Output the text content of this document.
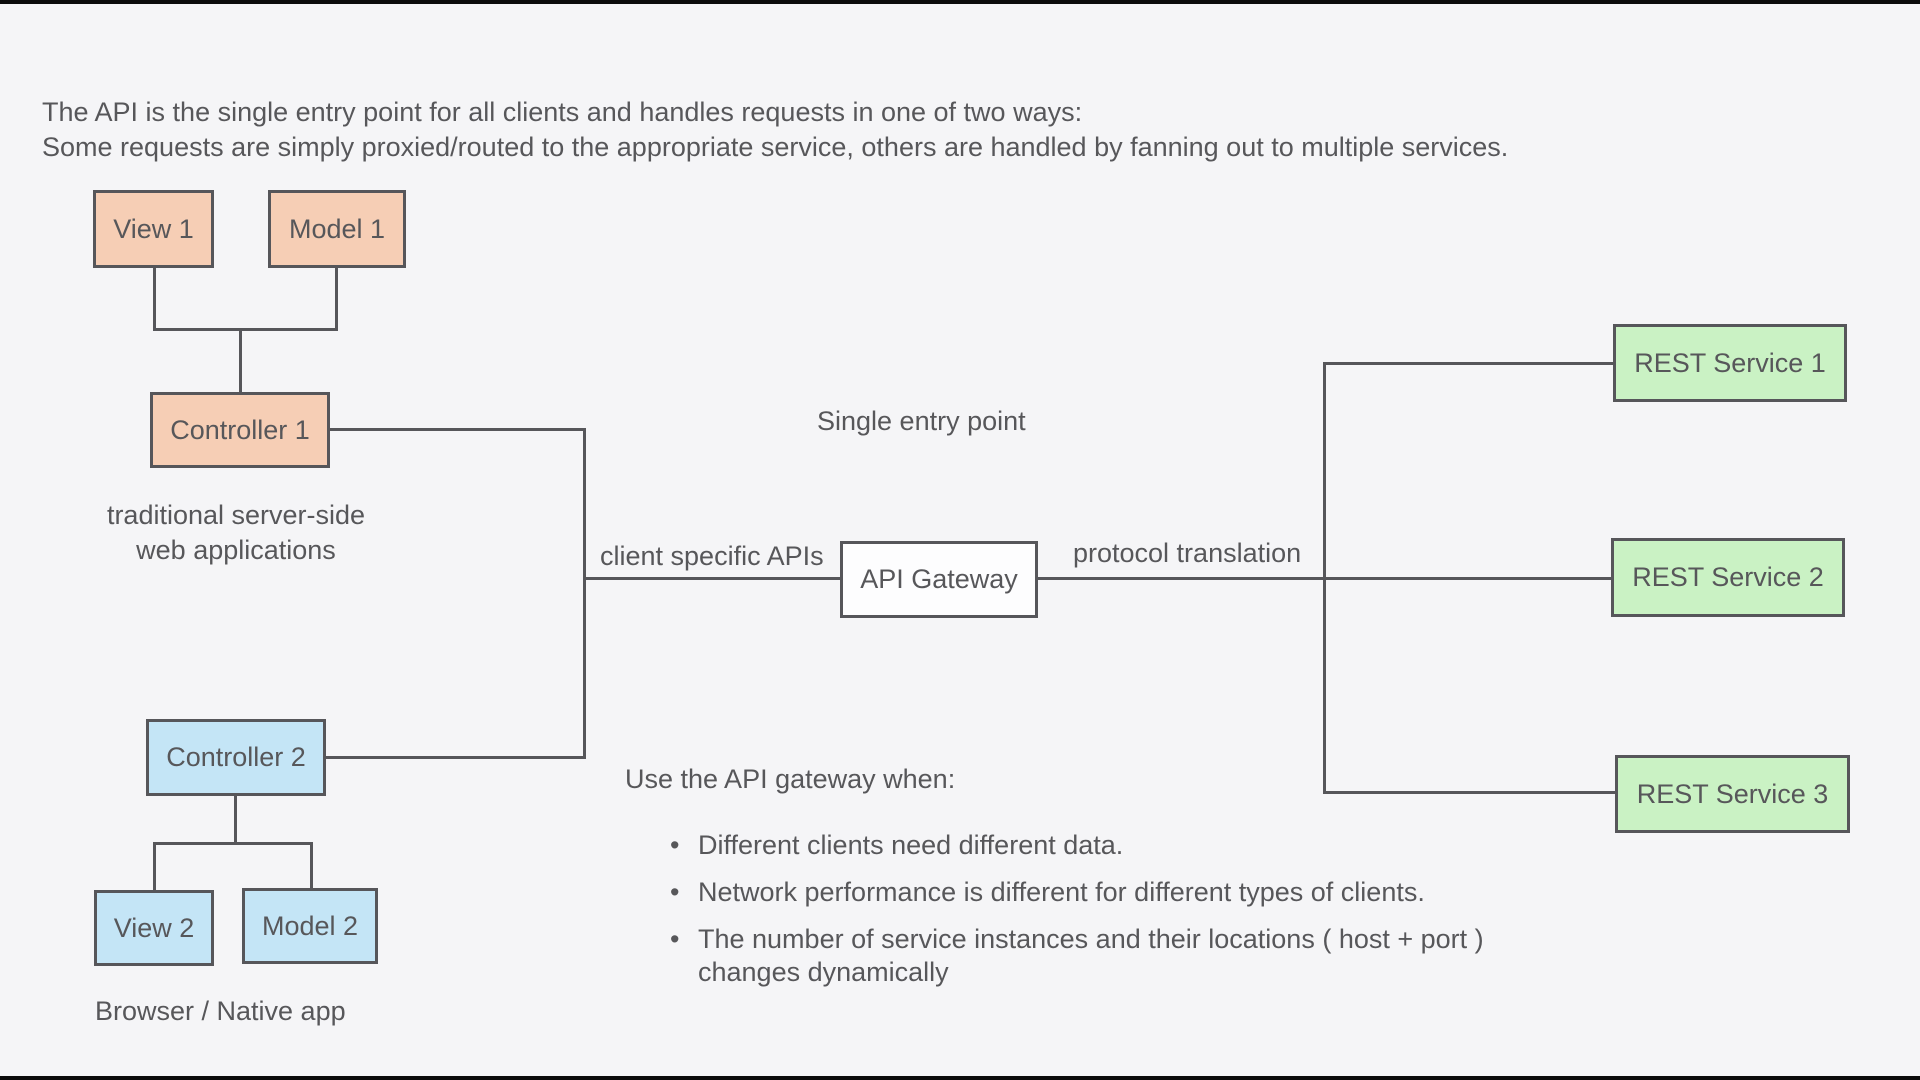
The API is the single entry point for all clients and handles requests in one of two ways:
Some requests are simply proxied/routed to the appropriate service, others are handled by fanning out to multiple services.
View 1	Model 1
Controller 1
Controller 2
View 2	Model 2
API Gateway
REST Service 1
REST Service 2
REST Service 3
traditional server-side
web applications
Browser / Native app
Single entry point
client specific APIs	protocol translation
Use the API gateway when:
• Different clients need different data.
• Network performance is different for different types of clients.
• The number of service instances and their locations ( host + port )
changes dynamically
